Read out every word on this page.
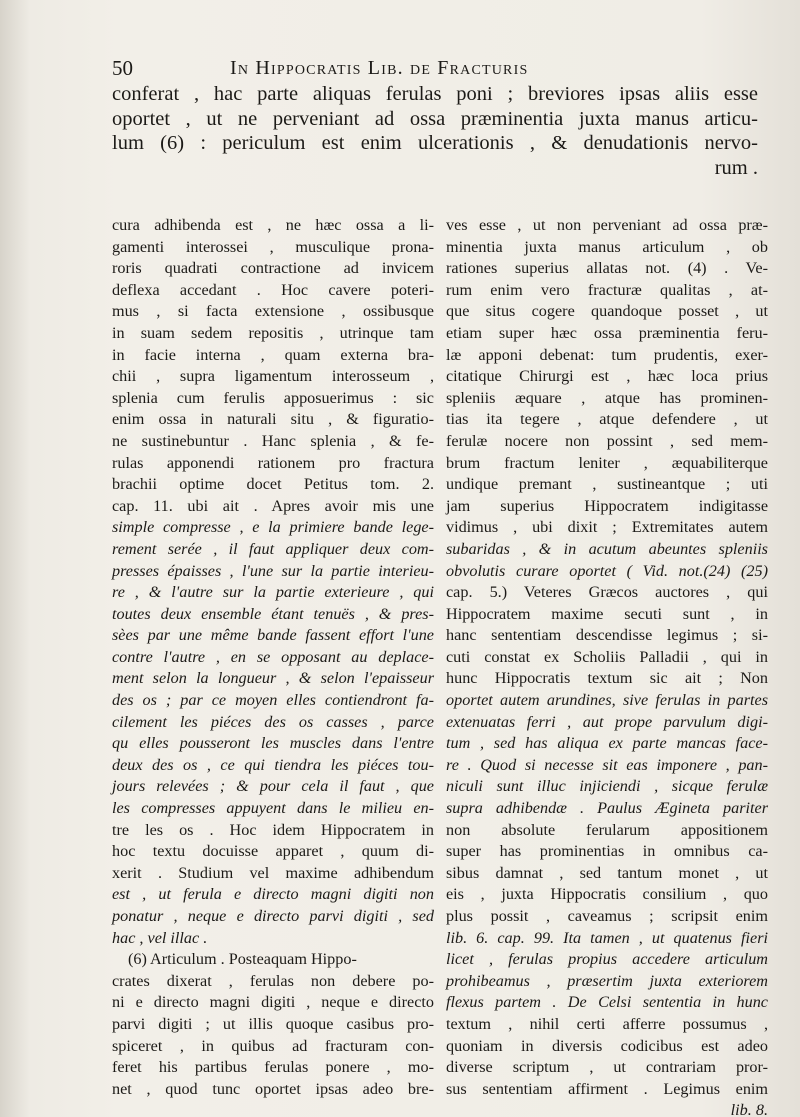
50	In Hippocratis Lib. de Fracturis
conferat , hac parte aliquas ferulas poni ; breviores ipsas aliis esse
oportet , ut ne perveniant ad ossa præminentia juxta manus articu-
lum (6) : periculum est enim ulcerationis , & denudationis nervo-
rum .
cura adhibenda est , ne hæc ossa a li-
gamenti interossei , musculique prona-
roris quadrati contractione ad invicem
deflexa accedant . Hoc cavere poteri-
mus , si facta extensione , ossibusque
in suam sedem repositis , utrinque tam
in facie interna , quam externa bra-
chii , supra ligamentum interosseum ,
splenia cum ferulis apposuerimus : sic
enim ossa in naturali situ , & figuratio-
ne sustinebuntur . Hanc splenia , & fe-
rulas apponendi rationem pro fractura
brachii optime docet Petitus tom. 2.
cap. 11. ubi ait . Apres avoir mis une
simple compresse , e la primiere bande lege-
rement serée , il faut appliquer deux com-
presses épaisses , l'une sur la partie interieu-
re , & l'autre sur la partie exterieure , qui
toutes deux ensemble étant tenuës , & pres-
sèes par une même bande fassent effort l'une
contre l'autre , en se opposant au deplace-
ment selon la longueur , & selon l'epaisseur
des os ; par ce moyen elles contiendront fa-
cilement les piéces des os casses , parce
qu elles pousseront les muscles dans l'entre
deux des os , ce qui tiendra les piéces tou-
jours relevées ; & pour cela il faut , que
les compresses appuyent dans le milieu en-
tre les os . Hoc idem Hippocratem in
hoc textu docuisse apparet , quum di-
xerit . Studium vel maxime adhibendum
est , ut ferula e directo magni digiti non
ponatur , neque e directo parvi digiti , sed
hac , vel illac .
(6) Articulum . Posteaquam Hippo-
crates dixerat , ferulas non debere po-
ni e directo magni digiti , neque e directo
parvi digiti ; ut illis quoque casibus pro-
spiceret , in quibus ad fracturam con-
feret his partibus ferulas ponere , mo-
net , quod tunc oportet ipsas adeo bre-
ves esse , ut non perveniant ad ossa præ-
minentia juxta manus articulum , ob
rationes superius allatas not. (4) . Ve-
rum enim vero fracturæ qualitas , at-
que situs cogere quandoque posset , ut
etiam super hæc ossa præminentia feru-
læ apponi debenat: tum prudentis, exer-
citatique Chirurgi est , hæc loca prius
spleniis æquare , atque has prominen-
tias ita tegere , atque defendere , ut
ferulæ nocere non possint , sed mem-
brum fractum leniter , æquabiliterque
undique premant , sustineantque ; uti
jam superius Hippocratem indigitasse
vidimus , ubi dixit ; Extremitates autem
subaridas , & in acutum abeuntes spleniis
obvolutis curare oportet ( Vid. not.(24) (25)
cap. 5.) Veteres Græcos auctores , qui
Hippocratem maxime secuti sunt , in
hanc sententiam descendisse legimus ; si-
cuti constat ex Scholiis Palladii , qui in
hunc Hippocratis textum sic ait ; Non
oportet autem arundines, sive ferulas in partes
extenuatas ferri , aut prope parvulum digi-
tum , sed has aliqua ex parte mancas face-
re . Quod si necesse sit eas imponere , pan-
niculi sunt illuc injiciendi , sicque ferulæ
supra adhibendæ . Paulus Ægineta pariter
non absolute ferularum appositionem
super has prominentias in omnibus ca-
sibus damnat , sed tantum monet , ut
eis , juxta Hippocratis consilium , quo
plus possit , caveamus ; scripsit enim
lib. 6. cap. 99. Ita tamen , ut quatenus fieri
licet , ferulas propius accedere articulum
prohibeamus , præsertim juxta exteriorem
flexus partem . De Celsi sententia in hunc
textum , nihil certi afferre possumus ,
quoniam in diversis codicibus est adeo
diverse scriptum , ut contrariam pror-
sus sententiam affirment . Legimus enim
lib. 8.
